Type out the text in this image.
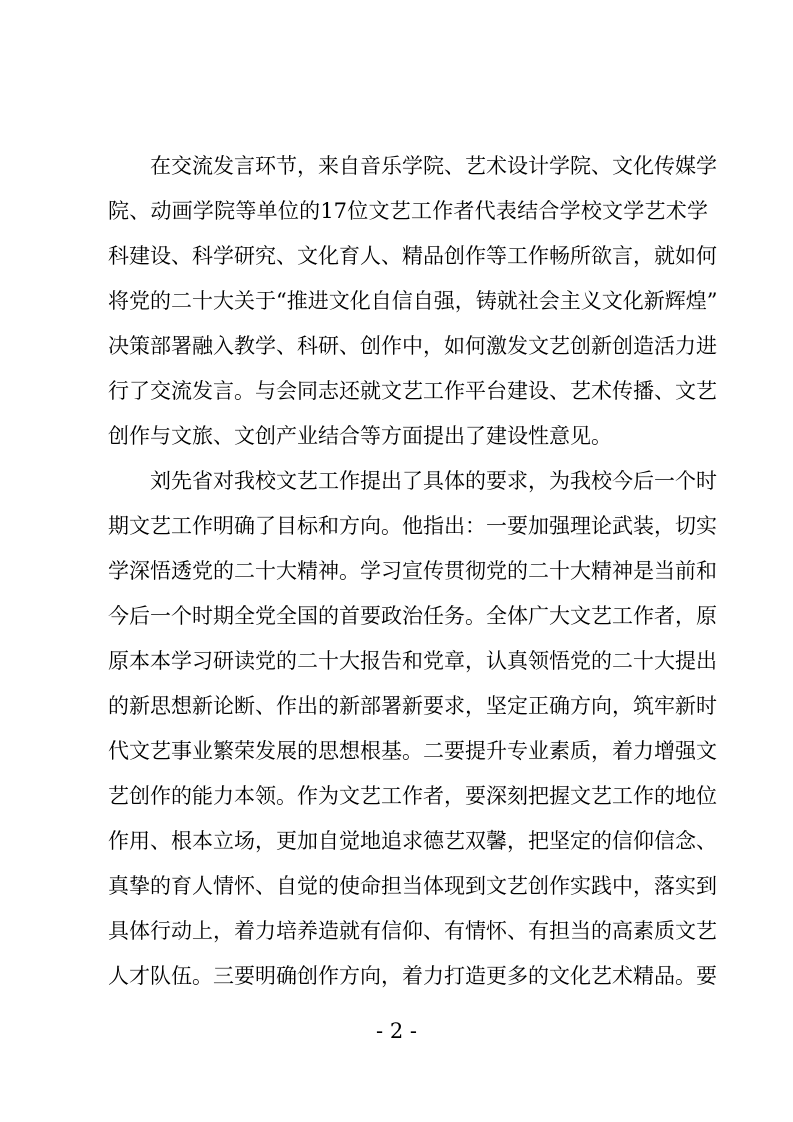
在交流发言环节，来自音乐学院、艺术设计学院、文化传媒学
院、动画学院等单位的17位文艺工作者代表结合学校文学艺术学
科建设、科学研究、文化育人、精品创作等工作畅所欲言，就如何
将党的二十大关于“推进文化自信自强，铸就社会主义文化新辉煌”
决策部署融入教学、科研、创作中，如何激发文艺创新创造活力进
行了交流发言。与会同志还就文艺工作平台建设、艺术传播、文艺
创作与文旅、文创产业结合等方面提出了建设性意见。
刘先省对我校文艺工作提出了具体的要求，为我校今后一个时
期文艺工作明确了目标和方向。他指出：一要加强理论武装，切实
学深悟透党的二十大精神。学习宣传贯彻党的二十大精神是当前和
今后一个时期全党全国的首要政治任务。全体广大文艺工作者，原
原本本学习研读党的二十大报告和党章，认真领悟党的二十大提出
的新思想新论断、作出的新部署新要求，坚定正确方向，筑牢新时
代文艺事业繁荣发展的思想根基。二要提升专业素质，着力增强文
艺创作的能力本领。作为文艺工作者，要深刻把握文艺工作的地位
作用、根本立场，更加自觉地追求德艺双馨，把坚定的信仰信念、
真挚的育人情怀、自觉的使命担当体现到文艺创作实践中，落实到
具体行动上，着力培养造就有信仰、有情怀、有担当的高素质文艺
人才队伍。三要明确创作方向，着力打造更多的文化艺术精品。要
- 2 -
